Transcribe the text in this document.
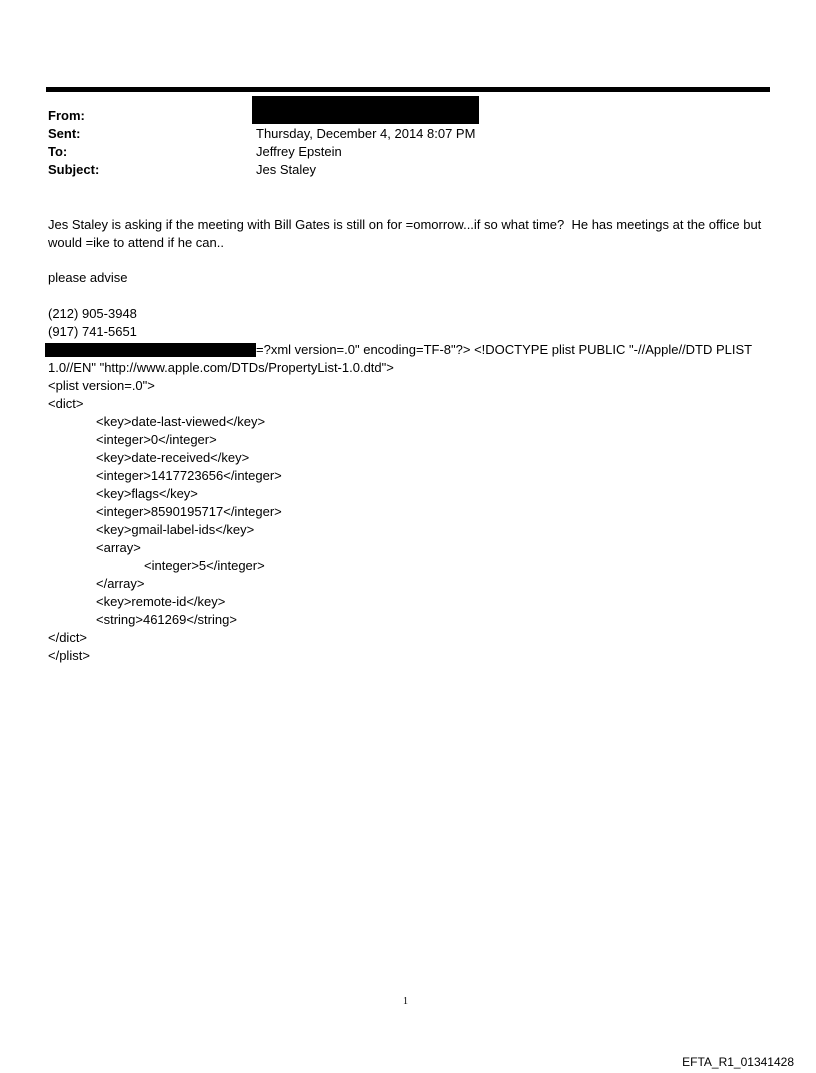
From:
Sent:	Thursday, December 4, 2014 8:07 PM
To:	Jeffrey Epstein
Subject:	Jes Staley
Jes Staley is asking if the meeting with Bill Gates is still on for =omorrow...if so what time?  He has meetings at the office but would =ike to attend if he can..
please advise
(212) 905-3948
(917) 741-5651
=?xml version=.0" encoding=TF-8"?> <!DOCTYPE plist PUBLIC "-//Apple//DTD PLIST
1.0//EN" "http://www.apple.com/DTDs/PropertyList-1.0.dtd">
<plist version=.0">
<dict>
<key>date-last-viewed</key>
<integer>0</integer>
<key>date-received</key>
<integer>1417723656</integer>
<key>flags</key>
<integer>8590195717</integer>
<key>gmail-label-ids</key>
<array>
<integer>5</integer>
</array>
<key>remote-id</key>
<string>461269</string>
</dict>
</plist>
1
EFTA_R1_01341428
